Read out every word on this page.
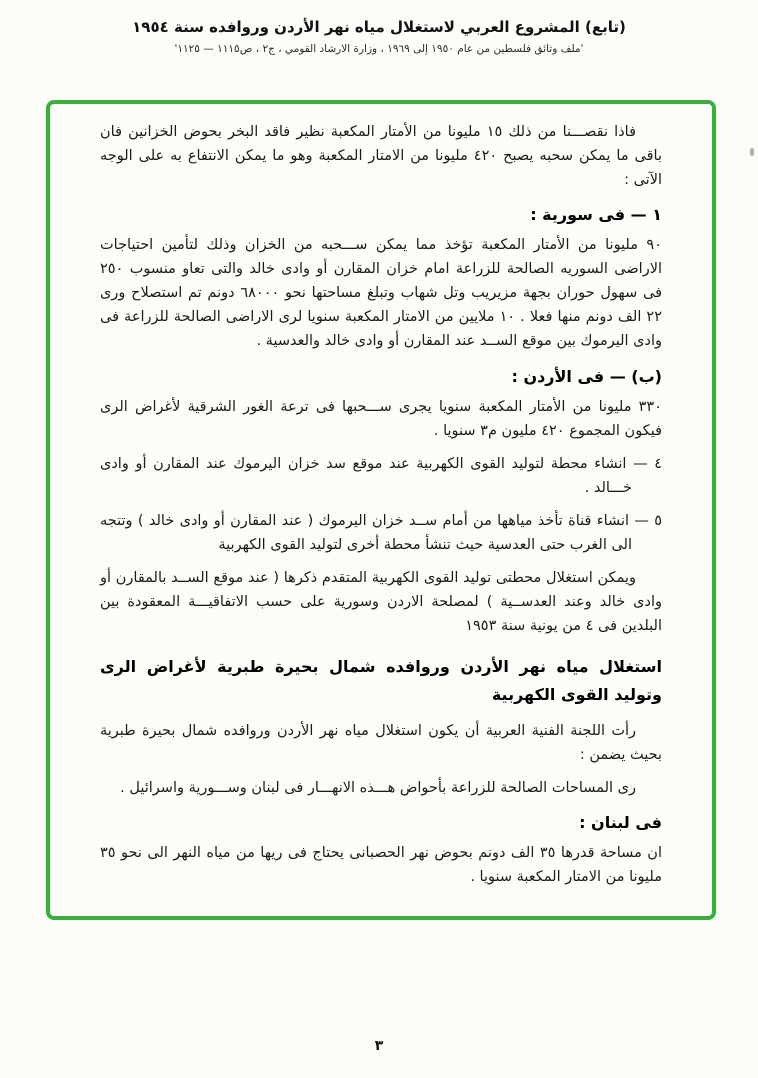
(تابع) المشروع العربي لاستغلال مياه نهر الأردن وروافده سنة ١٩٥٤
'ملف وثائق فلسطين من عام ١٩٥٠ إلى ١٩٦٩ ، وزارة الارشاد القومي ، ج٢ ، ص١١١٥ — ١١٢٥'

فاذا نقصـــنا من ذلك ١٥ مليونا من الأمتار المكعبة نظير فاقد البخر بحوض الخزانين فان باقى ما يمكن سحبه يصبح ٤٢٠ مليونا من الامتار المكعبة وهو ما يمكن الانتفاع به على الوجه الآتى :

١ — فى سورية :

٩٠ مليونا من الأمتار المكعبة تؤخذ مما يمكن ســـحبه من الخزان وذلك لتأمين احتياجات الاراضى السوريه الصالحة للزراعة امام خزان المقارن أو وادى خالد والتى تعاو منسوب ٢٥٠ فى سهول حوران بجهة مزيريب وتل شهاب وتبلغ مساحتها نحو ٦٨٠٠٠ دونم تم استصلاح ورى ٢٢ الف دونم منها فعلا . ١٠ ملايين من الامتار المكعبة سنويا لرى الاراضى الصالحة للزراعة فى وادى اليرموك بين موقع الســد عند المقارن أو وادى خالد والعدسية .

(ب) — فى الأردن :

٣٣٠ مليونا من الأمتار المكعبة سنويا يجرى ســـحبها فى ترعة الغور الشرقية لأغراض الرى فيكون المجموع ٤٢٠ مليون م٣ سنويا .

٤ — انشاء محطة لتوليد القوى الكهربية عند موقع سد خزان اليرموك عند المقارن أو وادى خـــالد .

٥ — انشاء قناة تأخذ مياهها من أمام ســد خزان اليرموك ( عند المقارن أو وادى خالد ) وتتجه الى الغرب حتى العدسية حيث تنشأ محطة أخرى لتوليد القوى الكهربية

ويمكن استغلال محطتى توليد القوى الكهربية المتقدم ذكرها ( عند موقع الســد بالمقارن أو وادى خالد وعند العدســية ) لمصلحة الاردن وسورية على حسب الاتفاقيـــة المعقودة بين البلدين فى ٤ من يونية سنة ١٩٥٣

استغلال مياه نهر الأردن وروافده شمال بحيرة طبرية لأغراض الرى وتوليد القوى الكهربية

رأت اللجنة الفنية العربية أن يكون استغلال مياه نهر الأردن وروافده شمال بحيرة طبرية بحيث يضمن :

رى المساحات الصالحة للزراعة بأحواض هـــذه الانهـــار فى لبنان وســـورية واسرائيل .

فى لبنان :

ان مساحة قدرها ٣٥ الف دونم بحوض نهر الحصبانى يحتاج فى ريها من مياه النهر الى نحو ٣٥ مليونا من الامتار المكعبة سنويا .

٣
